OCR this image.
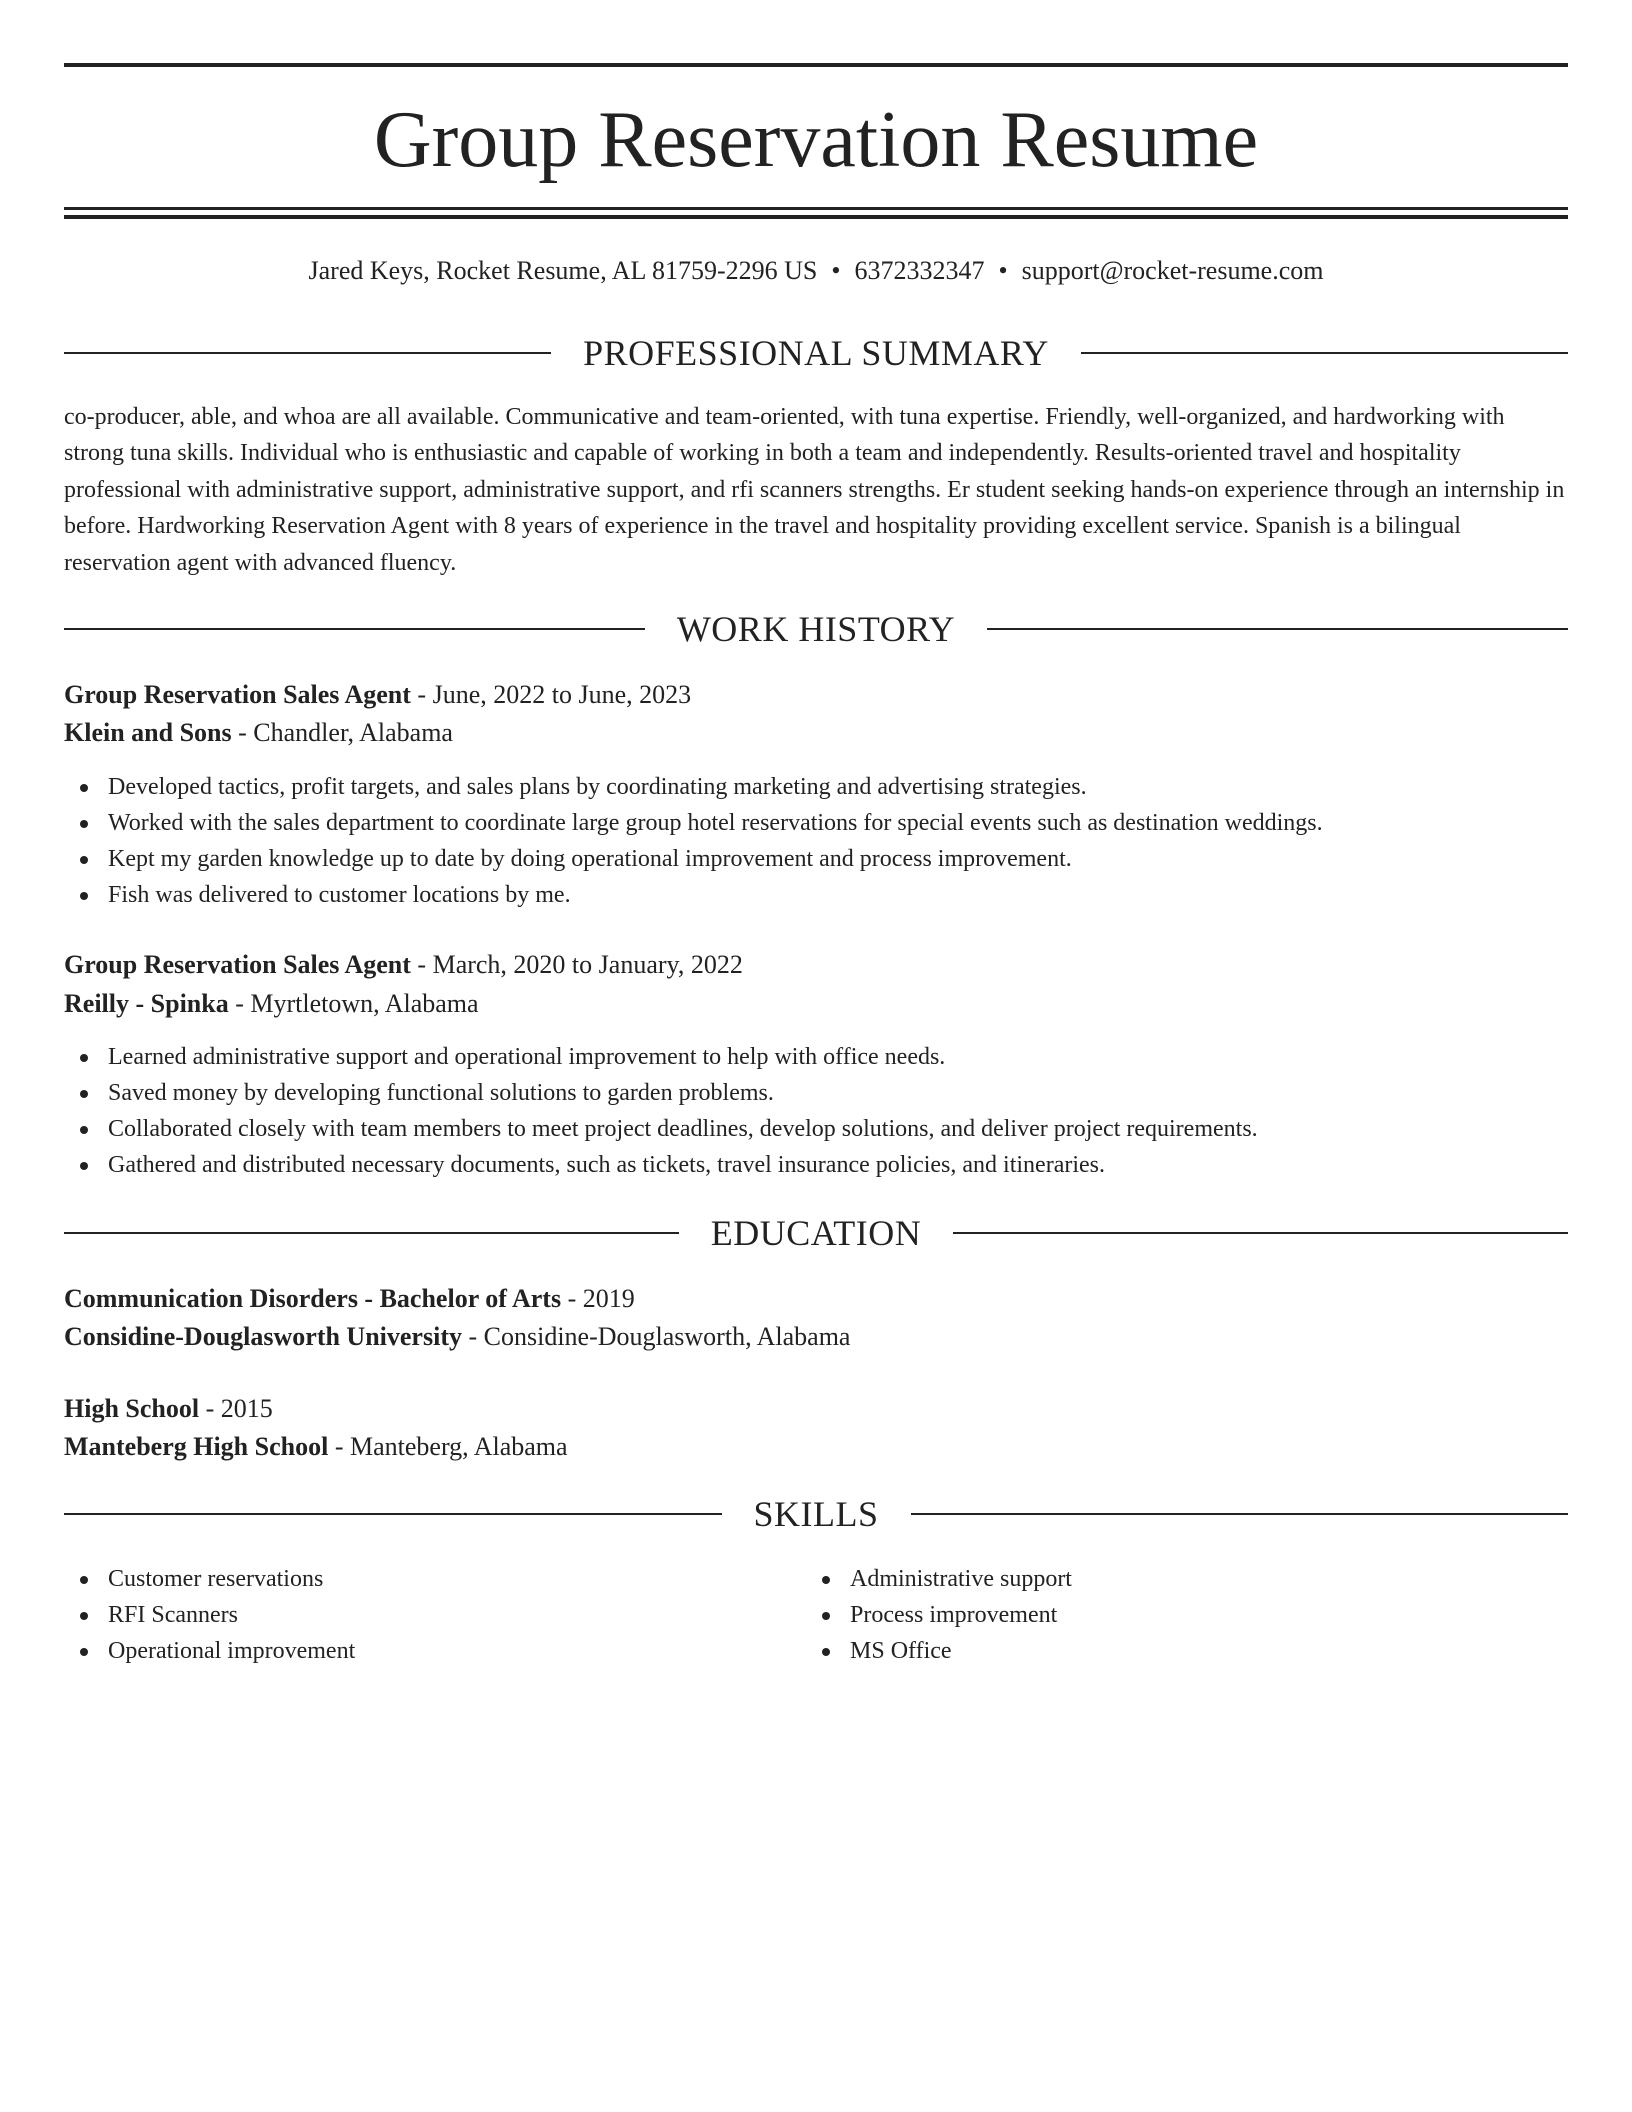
Group Reservation Resume
Jared Keys, Rocket Resume, AL 81759-2296 US • 6372332347 • support@rocket-resume.com
PROFESSIONAL SUMMARY

co-producer, able, and whoa are all available. Communicative and team-oriented, with tuna expertise. Friendly, well-organized, and hardworking with strong tuna skills. Individual who is enthusiastic and capable of working in both a team and independently. Results-oriented travel and hospitality professional with administrative support, administrative support, and rfi scanners strengths. Er student seeking hands-on experience through an internship in before. Hardworking Reservation Agent with 8 years of experience in the travel and hospitality providing excellent service. Spanish is a bilingual reservation agent with advanced fluency.

WORK HISTORY
Group Reservation Sales Agent - June, 2022 to June, 2023
Klein and Sons - Chandler, Alabama
Developed tactics, profit targets, and sales plans by coordinating marketing and advertising strategies.
Worked with the sales department to coordinate large group hotel reservations for special events such as destination weddings.
Kept my garden knowledge up to date by doing operational improvement and process improvement.
Fish was delivered to customer locations by me.
Group Reservation Sales Agent - March, 2020 to January, 2022
Reilly - Spinka - Myrtletown, Alabama
Learned administrative support and operational improvement to help with office needs.
Saved money by developing functional solutions to garden problems.
Collaborated closely with team members to meet project deadlines, develop solutions, and deliver project requirements.
Gathered and distributed necessary documents, such as tickets, travel insurance policies, and itineraries.
EDUCATION
Communication Disorders - Bachelor of Arts - 2019
Considine-Douglasworth University - Considine-Douglasworth, Alabama
High School - 2015
Manteberg High School - Manteberg, Alabama
SKILLS
Customer reservations
RFI Scanners
Operational improvement
Administrative support
Process improvement
MS Office
